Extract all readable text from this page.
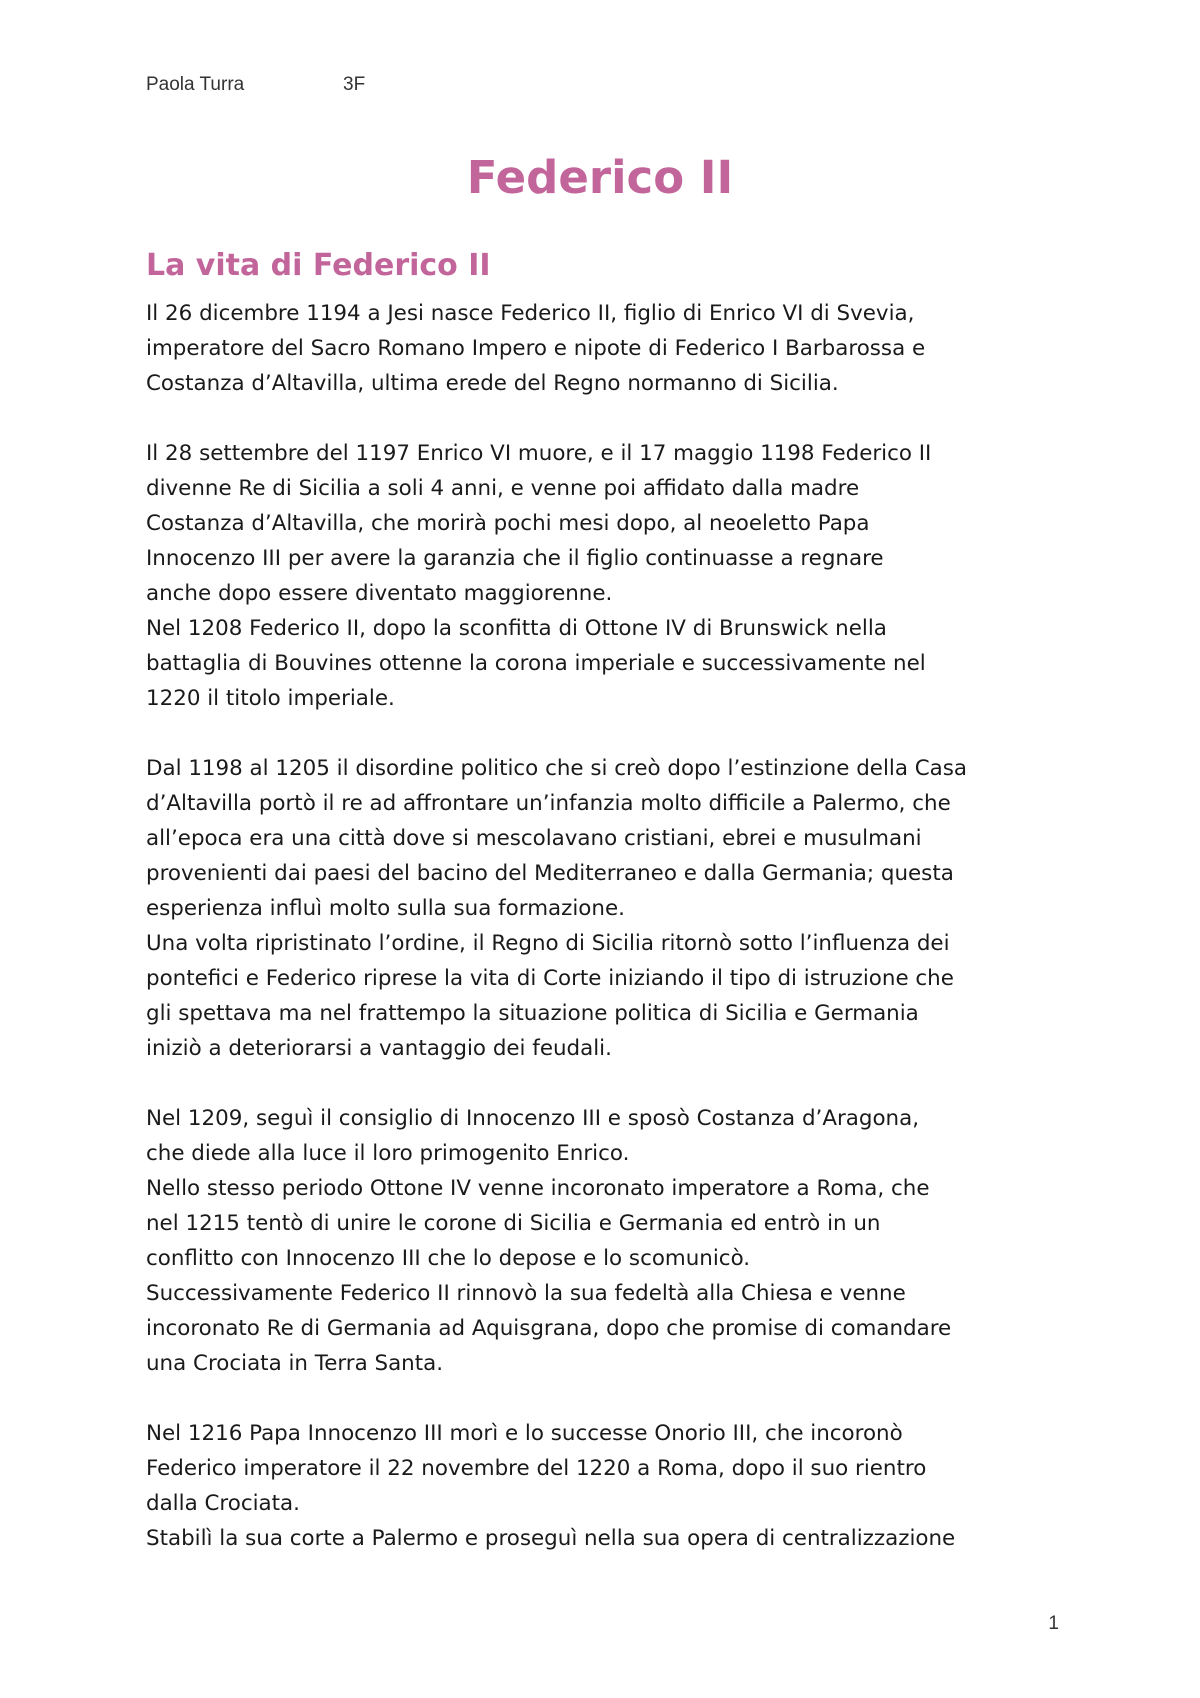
Paola Turra	3F
Federico II
La vita di Federico II
Il 26 dicembre 1194 a Jesi nasce Federico II, figlio di Enrico VI di Svevia,
imperatore del Sacro Romano Impero e nipote di Federico I Barbarossa e
Costanza d’Altavilla, ultima erede del Regno normanno di Sicilia.
Il 28 settembre del 1197 Enrico VI muore, e il 17 maggio 1198 Federico II
divenne Re di Sicilia a soli 4 anni, e venne poi affidato dalla madre
Costanza d’Altavilla, che morirà pochi mesi dopo, al neoeletto Papa
Innocenzo III per avere la garanzia che il figlio continuasse a regnare
anche dopo essere diventato maggiorenne.
Nel 1208 Federico II, dopo la sconfitta di Ottone IV di Brunswick nella
battaglia di Bouvines ottenne la corona imperiale e successivamente nel
1220 il titolo imperiale.
Dal 1198 al 1205 il disordine politico che si creò dopo l’estinzione della Casa
d’Altavilla portò il re ad affrontare un’infanzia molto difficile a Palermo, che
all’epoca era una città dove si mescolavano cristiani, ebrei e musulmani
provenienti dai paesi del bacino del Mediterraneo e dalla Germania; questa
esperienza influì molto sulla sua formazione.
Una volta ripristinato l’ordine, il Regno di Sicilia ritornò sotto l’influenza dei
pontefici e Federico riprese la vita di Corte iniziando il tipo di istruzione che
gli spettava ma nel frattempo la situazione politica di Sicilia e Germania
iniziò a deteriorarsi a vantaggio dei feudali.
Nel 1209, seguì il consiglio di Innocenzo III e sposò Costanza d’Aragona,
che diede alla luce il loro primogenito Enrico.
Nello stesso periodo Ottone IV venne incoronato imperatore a Roma, che
nel 1215 tentò di unire le corone di Sicilia e Germania ed entrò in un
conflitto con Innocenzo III che lo depose e lo scomunicò.
Successivamente Federico II rinnovò la sua fedeltà alla Chiesa e venne
incoronato Re di Germania ad Aquisgrana, dopo che promise di comandare
una Crociata in Terra Santa.
Nel 1216 Papa Innocenzo III morì e lo successe Onorio III, che incoronò
Federico imperatore il 22 novembre del 1220 a Roma, dopo il suo rientro
dalla Crociata.
Stabilì la sua corte a Palermo e proseguì nella sua opera di centralizzazione
1
